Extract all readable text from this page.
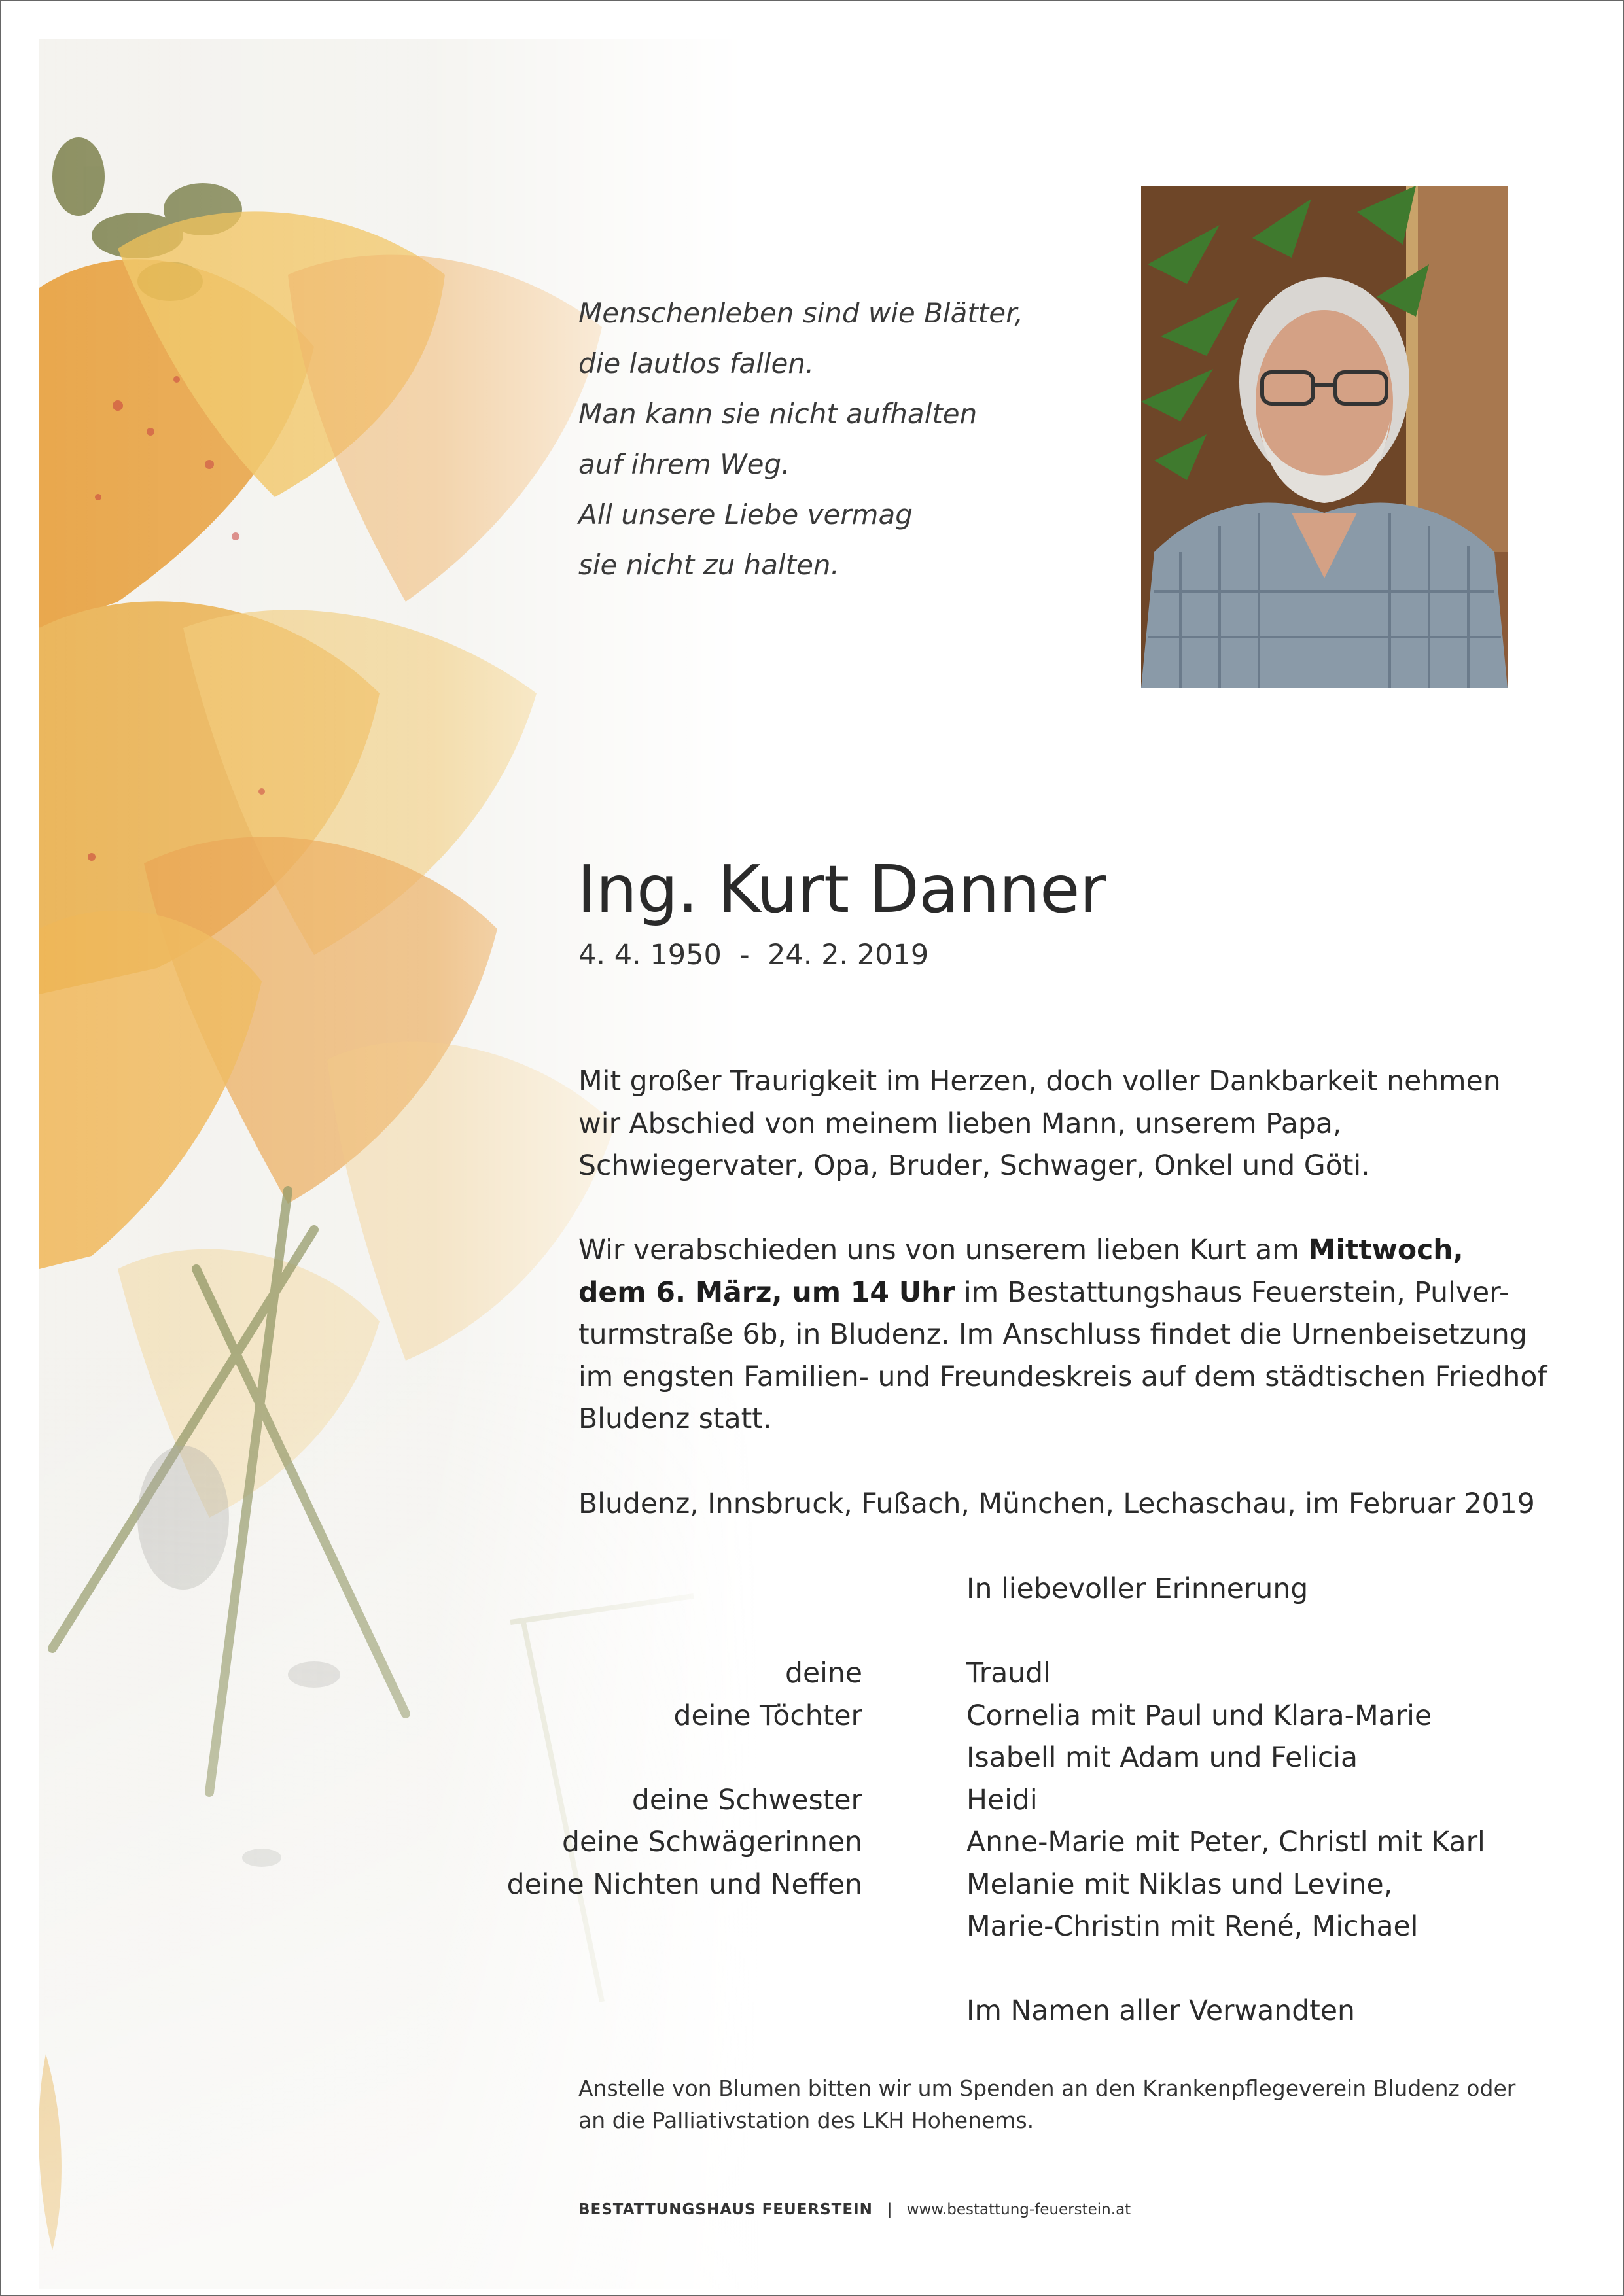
Menschenleben sind wie Blätter,
die lautlos fallen.
Man kann sie nicht aufhalten
auf ihrem Weg.
All unsere Liebe vermag
sie nicht zu halten.
Ing. Kurt Danner
4. 4. 1950  -  24. 2. 2019
Mit großer Traurigkeit im Herzen, doch voller Dankbarkeit nehmen
wir Abschied von meinem lieben Mann, unserem Papa,
Schwiegervater, Opa, Bruder, Schwager, Onkel und Göti.
Wir verabschieden uns von unserem lieben Kurt am Mittwoch,
dem 6. März, um 14 Uhr im Bestattungshaus Feuerstein, Pulver-
turmstraße 6b, in Bludenz. Im Anschluss findet die Urnenbeisetzung
im engsten Familien- und Freundeskreis auf dem städtischen Friedhof
Bludenz statt.
Bludenz, Innsbruck, Fußach, München, Lechaschau, im Februar 2019
In liebevoller Erinnerung
deine	Traudl
deine Töchter	Cornelia mit Paul und Klara-Marie
Isabell mit Adam und Felicia
deine Schwester	Heidi
deine Schwägerinnen	Anne-Marie mit Peter, Christl mit Karl
deine Nichten und Neffen	Melanie mit Niklas und Levine,
Marie-Christin mit René, Michael
Im Namen aller Verwandten
Anstelle von Blumen bitten wir um Spenden an den Krankenpflegeverein Bludenz oder
an die Palliativstation des LKH Hohenems.
BESTATTUNGSHAUS FEUERSTEIN | www.bestattung-feuerstein.at
